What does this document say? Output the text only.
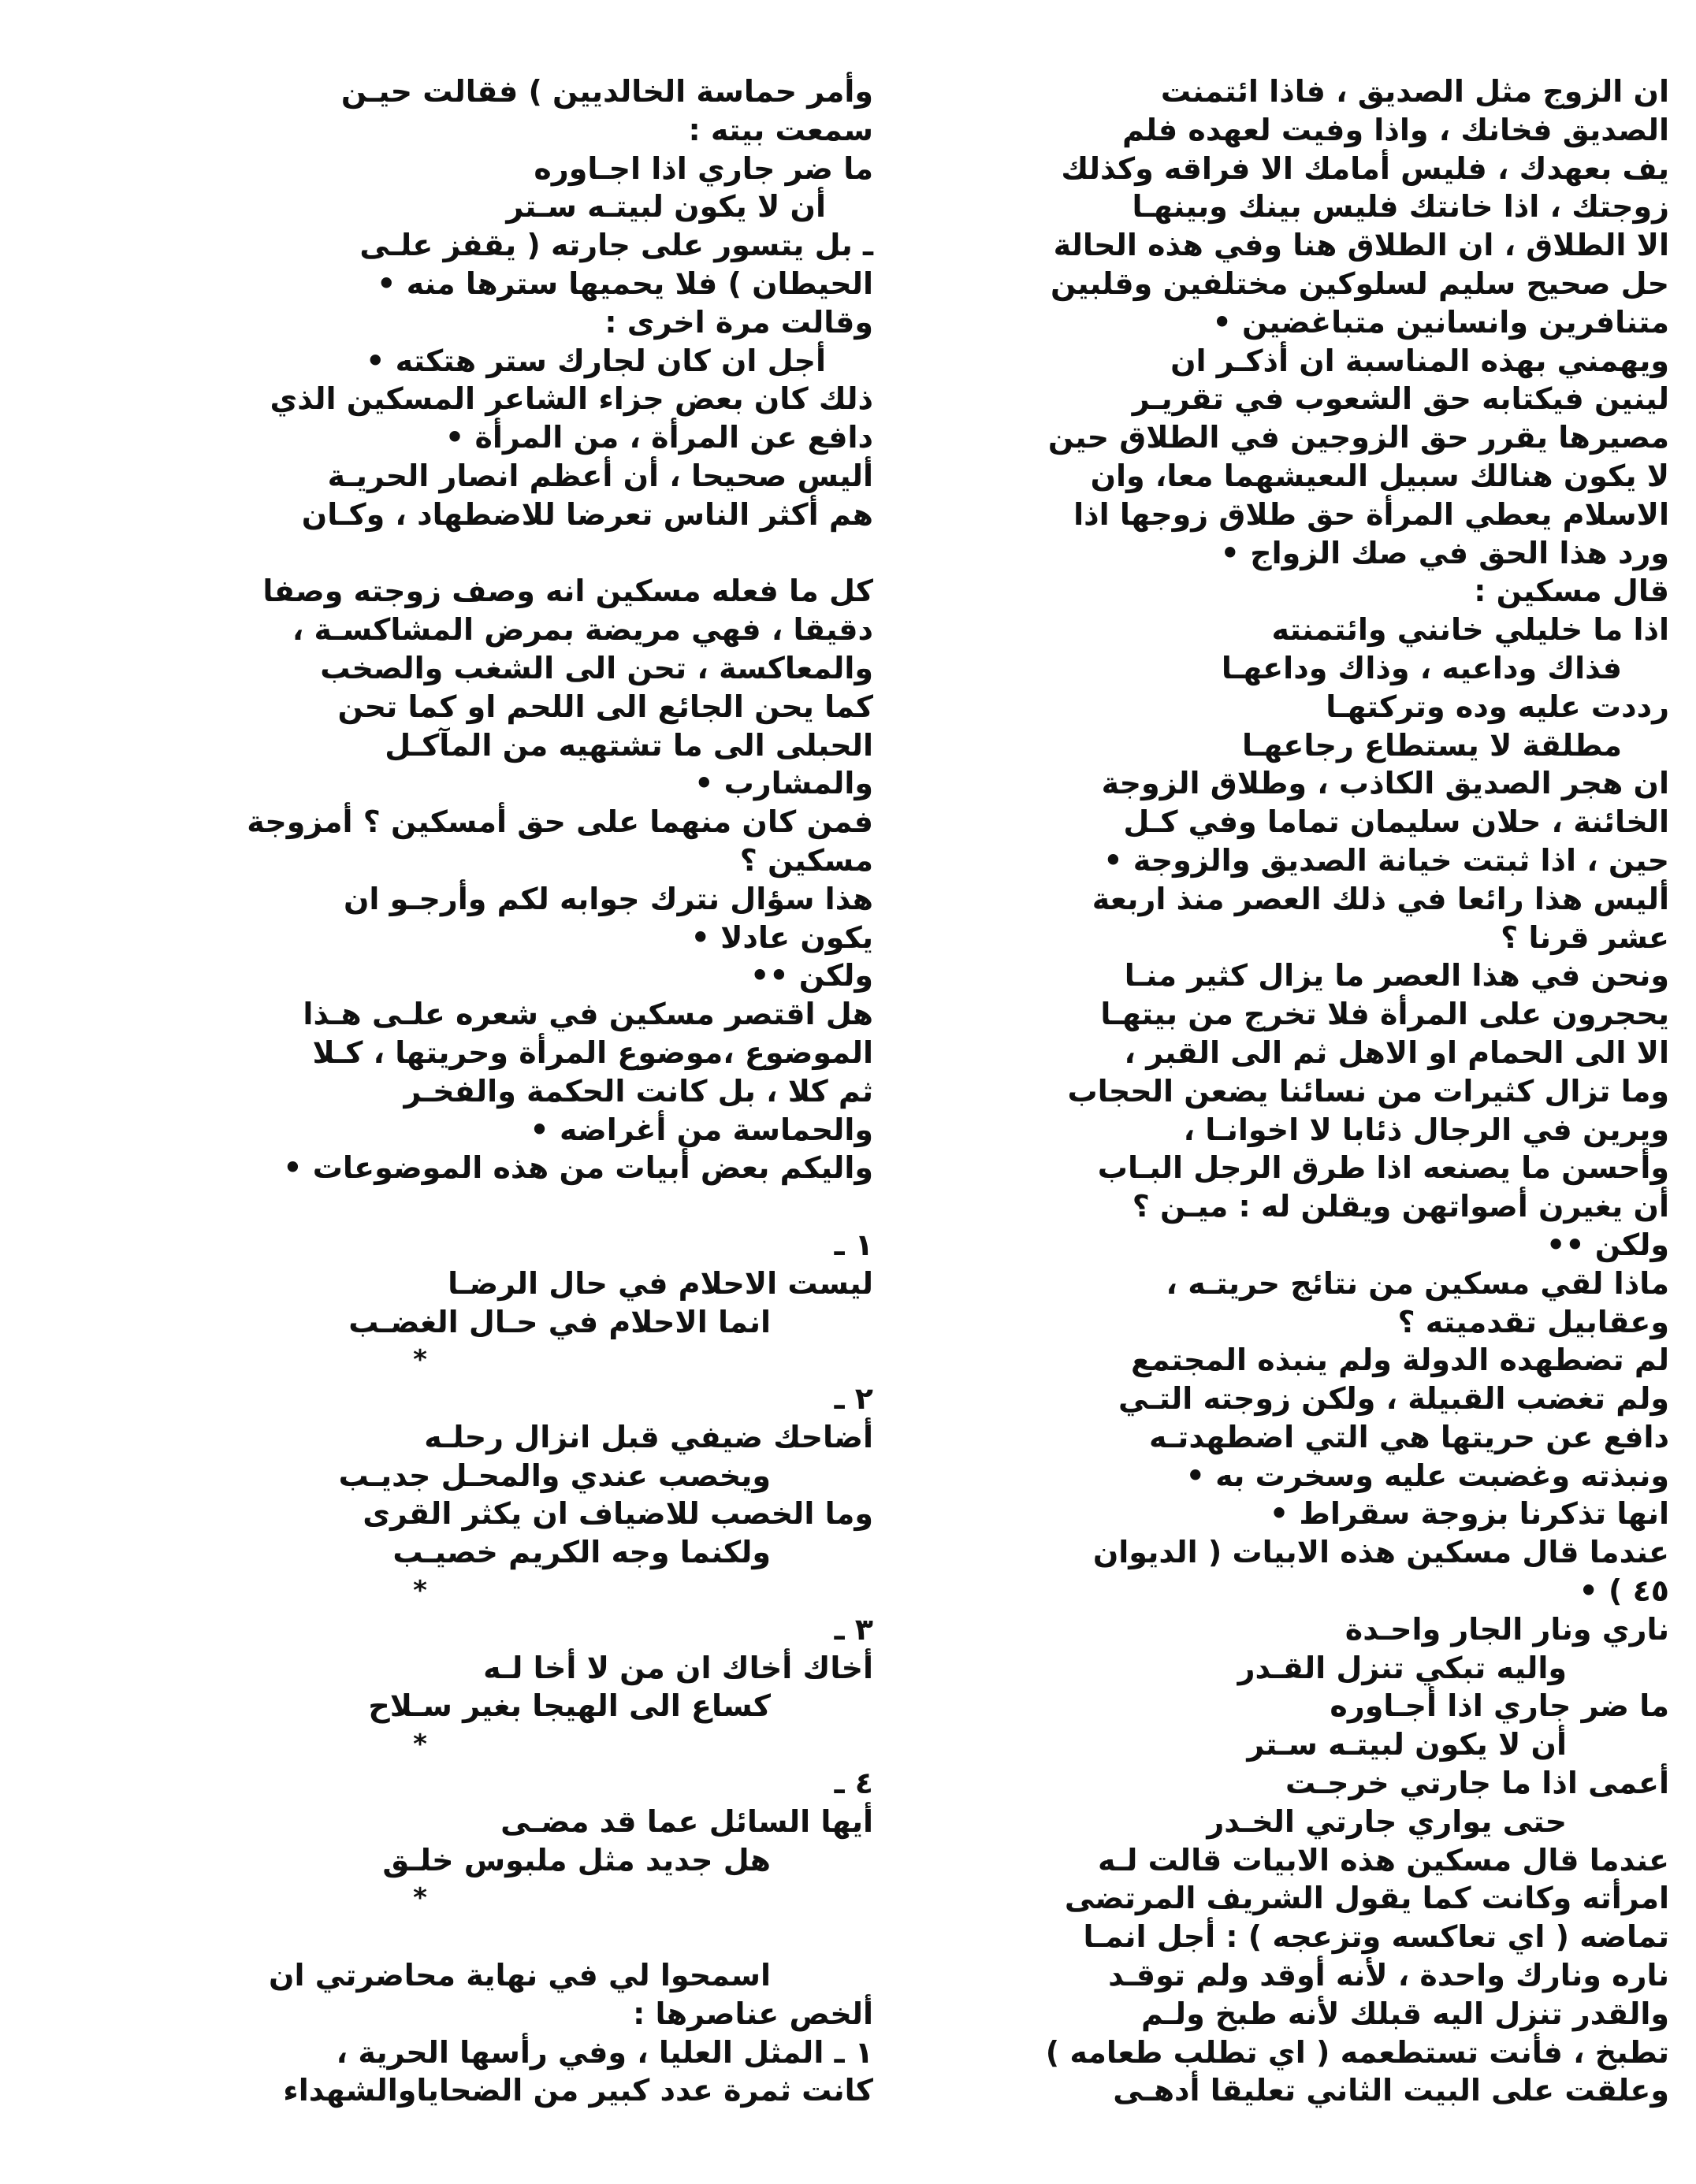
ان الزوج مثل الصديق ، فاذا ائتمنت
الصديق فخانك ، واذا وفيت لعهده فلم
يف بعهدك ، فليس أمامك الا فراقه وكذلك
زوجتك ، اذا خانتك فليس بينك وبينهـا
الا الطلاق ، ان الطلاق هنا وفي هذه الحالة
حل صحيح سليم لسلوكين مختلفين وقلبين
متنافرين وانسانين متباغضين •
ويهمني بهذه المناسبة ان أذكـر ان
لينين فيكتابه حق الشعوب في تقريـر
مصيرها يقرر حق الزوجين في الطلاق حين
لا يكون هنالك سبيل الىعيشهما معا، وان
الاسلام يعطي المرأة حق طلاق زوجها اذا
ورد هذا الحق في صك الزواج •
قال مسكين :
اذا ما خليلي خانني وائتمنته
فذاك وداعيه ، وذاك وداعهـا
رددت عليه وده وتركتهـا
مطلقة لا يستطاع رجاعهـا
ان هجر الصديق الكاذب ، وطلاق الزوجة
الخائنة ، حلان سليمان تماما وفي كـل
حين ، اذا ثبتت خيانة الصديق والزوجة •
أليس هذا رائعا في ذلك العصر منذ اربعة
عشر قرنا ؟
ونحن في هذا العصر ما يزال كثير منـا
يحجرون على المرأة فلا تخرج من بيتهـا
الا الى الحمام او الاهل ثم الى القبر ،
وما تزال كثيرات من نسائنا يضعن الحجاب
ويرين في الرجال ذئابا لا اخوانـا ،
وأحسن ما يصنعه اذا طرق الرجل البـاب
أن يغيرن أصواتهن ويقلن له : ميـن ؟
ولكن ••
ماذا لقي مسكين من نتائج حريتـه ،
وعقابيل تقدميته ؟
لم تضطهده الدولة ولم ينبذه المجتمع
ولم تغضب القبيلة ، ولكن زوجته التـي
دافع عن حريتها هي التي اضطهدتـه
ونبذته وغضبت عليه وسخرت به •
انها تذكرنا بزوجة سقراط •
عندما قال مسكين هذه الابيات ( الديوان
٤٥ ) •
ناري ونار الجار واحـدة
واليه تبكي تنزل القـدر
ما ضر جاري اذا أجـاوره
أن لا يكون لبيتـه سـتر
أعمى اذا ما جارتي خرجـت
حتى يواري جارتي الخـدر
عندما قال مسكين هذه الابيات قالت لـه
امرأته وكانت كما يقول الشريف المرتضى
تماضه ( اي تعاكسه وتزعجه ) : أجل انمـا
ناره ونارك واحدة ، لأنه أوقد ولم توقـد
والقدر تنزل اليه قبلك لأنه طبخ ولـم
تطبخ ، فأنت تستطعمه ( اي تطلب طعامه )
وعلقت على البيت الثاني تعليقا أدهـى
وأمر حماسة الخالديين ) فقالت حيـن
سمعت بيته :
ما ضر جاري اذا اجـاوره
أن لا يكون لبيتـه سـتر
ـ بل يتسور على جارته ( يقفز علـى
الحيطان ) فلا يحميها سترها منه •
وقالت مرة اخرى :
أجل ان كان لجارك ستر هتكته •
ذلك كان بعض جزاء الشاعر المسكين الذي
دافع عن المرأة ، من المرأة •
أليس صحيحا ، أن أعظم انصار الحريـة
هم أكثر الناس تعرضا للاضطهاد ، وكـان
كل ما فعله مسكين انه وصف زوجته وصفا
دقيقا ، فهي مريضة بمرض المشاكسـة ،
والمعاكسة ، تحن الى الشغب والصخب
كما يحن الجائع الى اللحم او كما تحن
الحبلى الى ما تشتهيه من المآكـل
والمشارب •
فمن كان منهما على حق أمسكين ؟ أمزوجة
مسكين ؟
هذا سؤال نترك جوابه لكم وأرجـو ان
يكون عادلا •
ولكن ••
هل اقتصر مسكين في شعره علـى هـذا
الموضوع ،موضوع المرأة وحريتها ، كـلا
ثم كلا ، بل كانت الحكمة والفخـر
والحماسة من أغراضه •
واليكم بعض أبيات من هذه الموضوعات •
١ ـ
ليست الاحلام في حال الرضـا
انما الاحلام في حـال الغضـب
*
٢ ـ
أضاحك ضيفي قبل انزال رحلـه
ويخصب عندي والمحـل جديـب
وما الخصب للاضياف ان يكثر القرى
ولكنما وجه الكريم خصيـب
*
٣ ـ
أخاك أخاك ان من لا أخا لـه
كساع الى الهيجا بغير سـلاح
*
٤ ـ
أيها السائل عما قد مضـى
هل جديد مثل ملبوس خلـق
*
اسمحوا لي في نهاية محاضرتي ان
ألخص عناصرها :
١ ـ المثل العليا ، وفي رأسها الحرية ،
كانت ثمرة عدد كبير من الضحاياوالشهداء
